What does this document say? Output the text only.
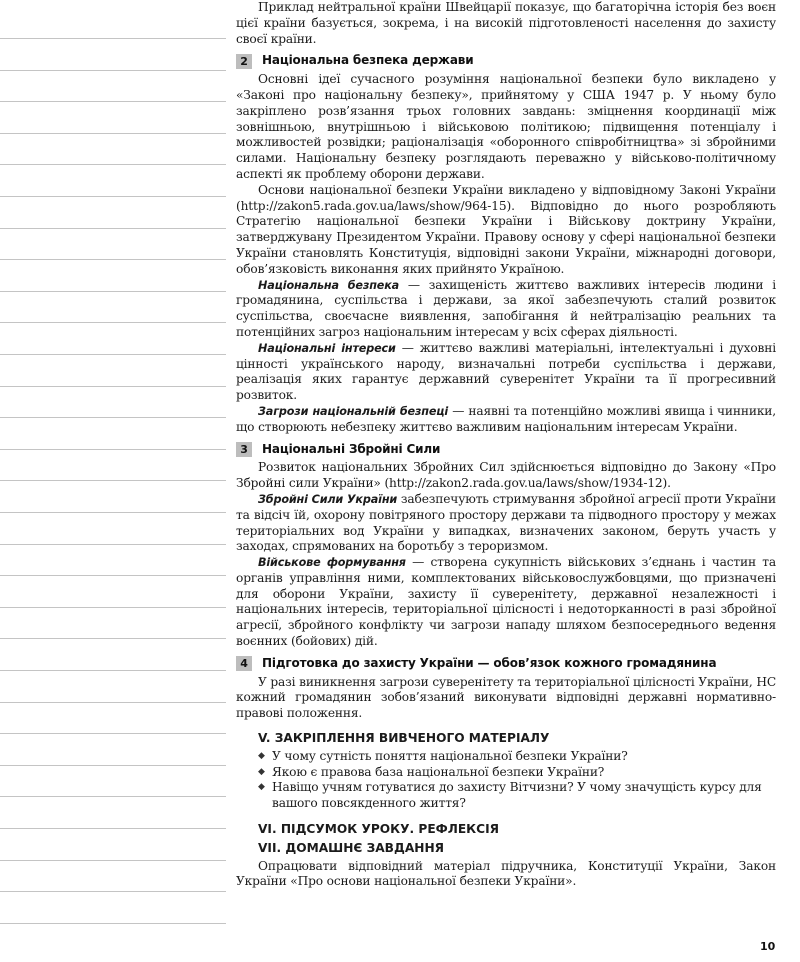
Приклад нейтральної країни Швейцарії показує, що багаторічна історія без воєн цієї країни базується, зокрема, і на високій підготовленості населення до захисту своєї країни.

2	Національна безпека держави

Основні ідеї сучасного розуміння національної безпеки було викладено у «Законі про національну безпеку», прийнятому у США 1947 р. У ньому було закріплено розв’язання трьох головних завдань: зміцнення координації між зовнішньою, внутрішньою і військовою політикою; підвищення потенціалу і можливостей розвідки; раціоналізація «оборонного співробітництва» зі збройними силами. Національну безпеку розглядають переважно у військово-політичному аспекті як проблему оборони держави.

Основи національної безпеки України викладено у відповідному Законі України (http://zakon5.rada.gov.ua/laws/show/964-15). Відповідно до нього розробляють Стратегію національної безпеки України і Військову доктрину України, затверджувану Президентом України. Правову основу у сфері національної безпеки України становлять Конституція, відповідні закони України, міжнародні договори, обов’язковість виконання яких прийнято Україною.

Національна безпека — захищеність життєво важливих інтересів людини і громадянина, суспільства і держави, за якої забезпечують сталий розвиток суспільства, своєчасне виявлення, запобігання й нейтралізацію реальних та потенційних загроз національним інтересам у всіх сферах діяльності.

Національні інтереси — життєво важливі матеріальні, інтелектуальні і духовні цінності українського народу, визначальні потреби суспільства і держави, реалізація яких гарантує державний суверенітет України та її прогресивний розвиток.

Загрози національній безпеці — наявні та потенційно можливі явища і чинники, що створюють небезпеку життєво важливим національним інтересам України.

3	Національні Збройні Сили

Розвиток національних Збройних Сил здійснюється відповідно до Закону «Про Збройні сили України» (http://zakon2.rada.gov.ua/laws/show/1934-12).

Збройні Сили України забезпечують стримування збройної агресії проти України та відсіч їй, охорону повітряного простору держави та підводного простору у межах територіальних вод України у випадках, визначених законом, беруть участь у заходах, спрямованих на боротьбу з тероризмом.

Військове формування — створена сукупність військових з’єднань і частин та органів управління ними, комплектованих військовослужбовцями, що призначені для оборони України, захисту її суверенітету, державної незалежності і національних інтересів, територіальної цілісності і недоторканності в разі збройної агресії, збройного конфлікту чи загрози нападу шляхом безпосереднього ведення воєнних (бойових) дій.

4	Підготовка до захисту України — обов’язок кожного громадянина

У разі виникнення загрози суверенітету та територіальної цілісності України, НС кожний громадянин зобов’язаний виконувати відповідні державні нормативно-правові положення.

V. ЗАКРІПЛЕННЯ ВИВЧЕНОГО МАТЕРІАЛУ
◆ У чому сутність поняття національної безпеки України?
◆ Якою є правова база національної безпеки України?
◆ Навіщо учням готуватися до захисту Вітчизни? У чому значущість курсу для вашого повсякденного життя?
VI. ПІДСУМОК УРОКУ. РЕФЛЕКСІЯ
VII. ДОМАШНЄ ЗАВДАННЯ

Опрацювати відповідний матеріал підручника, Конституції України, Закон України «Про основи національної безпеки України».

10
